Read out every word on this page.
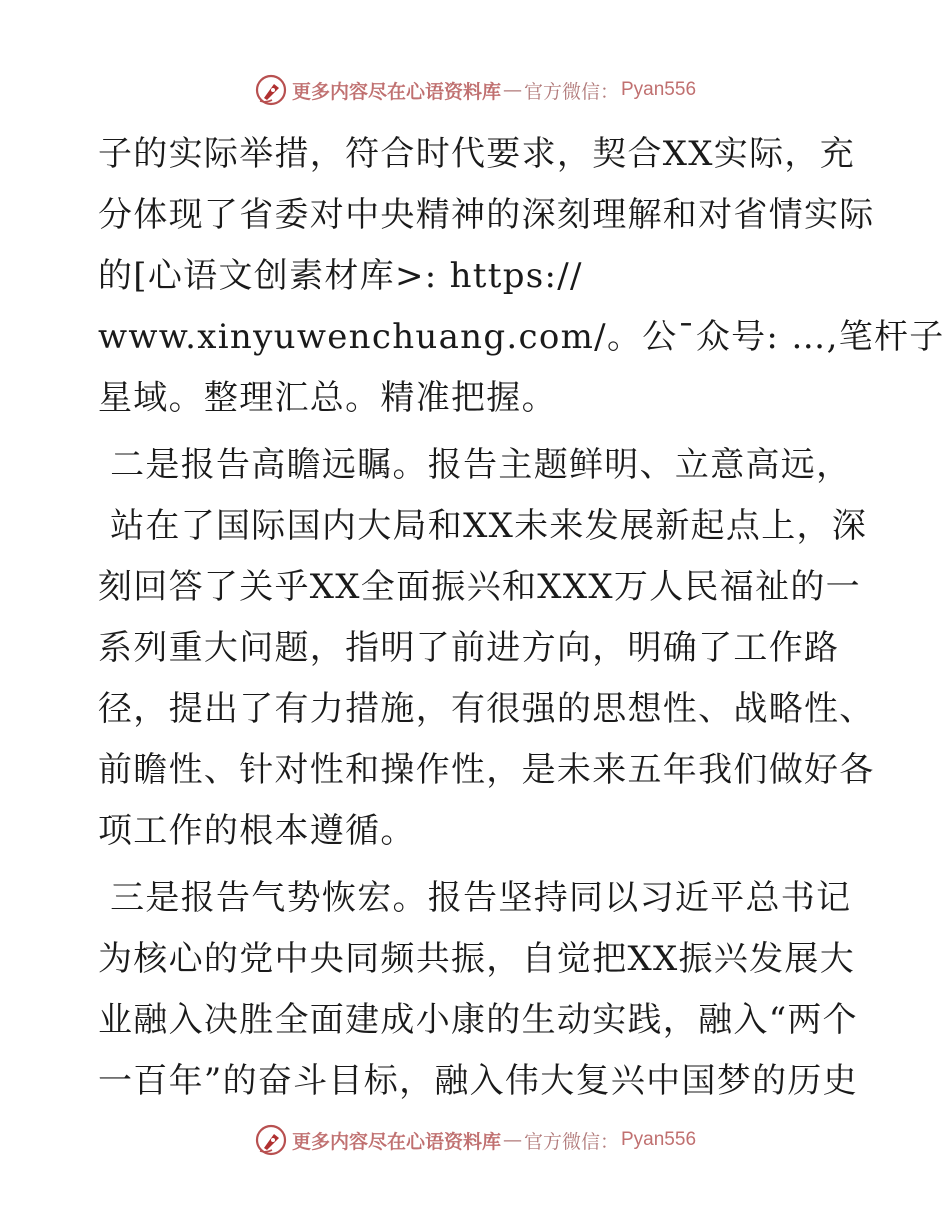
更多内容尽在心语资料库 — 官方微信： Pyan556
子的实际举措，符合时代要求，契合XX实际，充
分体现了省委对中央精神的深刻理解和对省情实际
的[心语文创素材库>: https://
www.xinyuwenchuang.com/。公¯众号: …,笔杆子
星域。整理汇总。精准把握。
二是报告高瞻远瞩。报告主题鲜明、立意高远，
站在了国际国内大局和XX未来发展新起点上，深
刻回答了关乎XX全面振兴和XXX万人民福祉的一
系列重大问题，指明了前进方向，明确了工作路
径，提出了有力措施，有很强的思想性、战略性、
前瞻性、针对性和操作性，是未来五年我们做好各
项工作的根本遵循。
三是报告气势恢宏。报告坚持同以习近平总书记
为核心的党中央同频共振，自觉把XX振兴发展大
业融入决胜全面建成小康的生动实践，融入“两个
一百年”的奋斗目标，融入伟大复兴中国梦的历史
更多内容尽在心语资料库 — 官方微信： Pyan556
